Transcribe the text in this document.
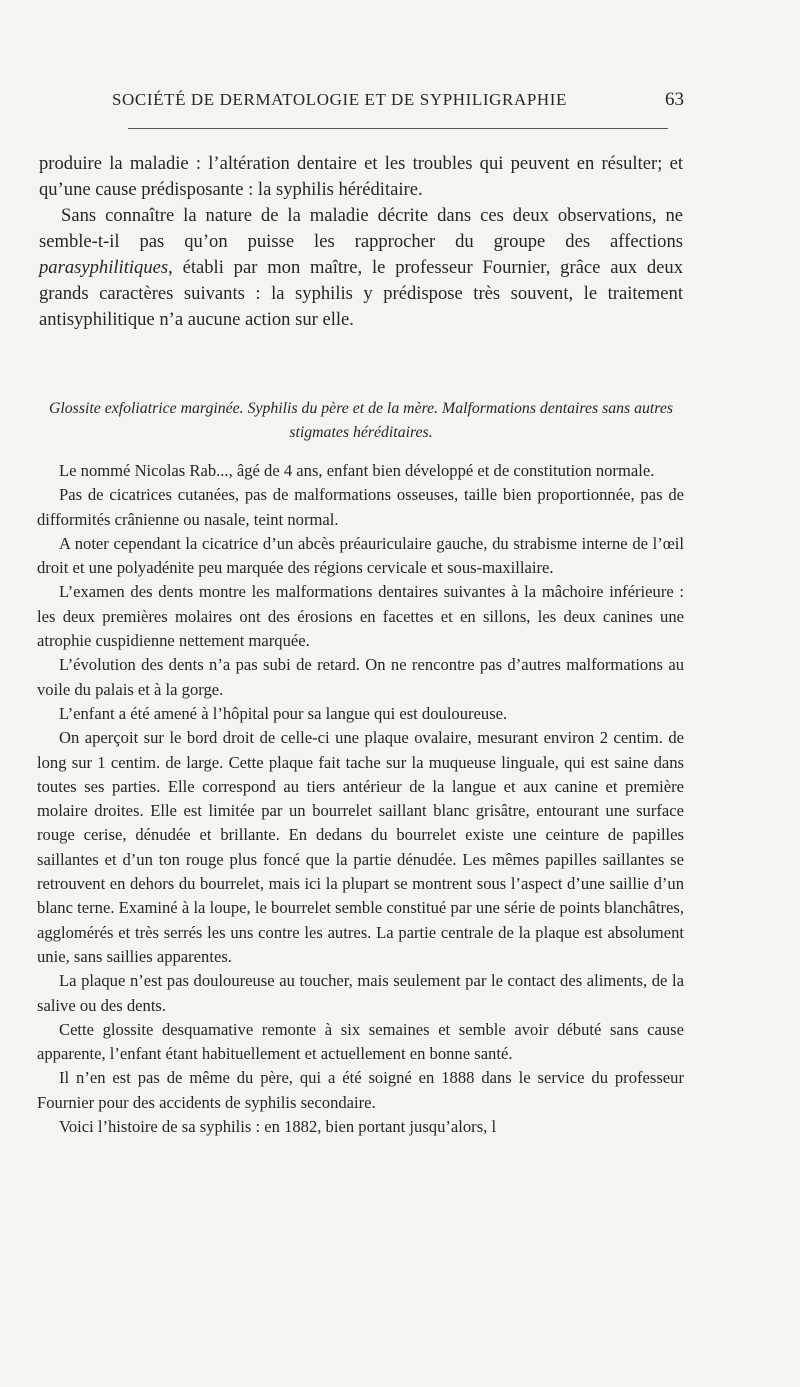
SOCIÉTÉ DE DERMATOLOGIE ET DE SYPHILIGRAPHIE	63

produire la maladie : l’altération dentaire et les troubles qui peuvent en résulter; et qu’une cause prédisposante : la syphilis héréditaire.

Sans connaître la nature de la maladie décrite dans ces deux observations, ne semble-t-il pas qu’on puisse les rapprocher du groupe des affections parasyphilitiques, établi par mon maître, le professeur Fournier, grâce aux deux grands caractères suivants : la syphilis y prédispose très souvent, le traitement antisyphilitique n’a aucune action sur elle.

Glossite exfoliatrice marginée. Syphilis du père et de la mère. Malformations dentaires sans autres stigmates héréditaires.

Le nommé Nicolas Rab..., âgé de 4 ans, enfant bien développé et de constitution normale.

Pas de cicatrices cutanées, pas de malformations osseuses, taille bien proportionnée, pas de difformités crânienne ou nasale, teint normal.

A noter cependant la cicatrice d’un abcès préauriculaire gauche, du strabisme interne de l’œil droit et une polyadénite peu marquée des régions cervicale et sous-maxillaire.

L’examen des dents montre les malformations dentaires suivantes à la mâchoire inférieure : les deux premières molaires ont des érosions en facettes et en sillons, les deux canines une atrophie cuspidienne nettement marquée.

L’évolution des dents n’a pas subi de retard. On ne rencontre pas d’autres malformations au voile du palais et à la gorge.

L’enfant a été amené à l’hôpital pour sa langue qui est douloureuse.

On aperçoit sur le bord droit de celle-ci une plaque ovalaire, mesurant environ 2 centim. de long sur 1 centim. de large. Cette plaque fait tache sur la muqueuse linguale, qui est saine dans toutes ses parties. Elle correspond au tiers antérieur de la langue et aux canine et première molaire droites. Elle est limitée par un bourrelet saillant blanc grisâtre, entourant une surface rouge cerise, dénudée et brillante. En dedans du bourrelet existe une ceinture de papilles saillantes et d’un ton rouge plus foncé que la partie dénudée. Les mêmes papilles saillantes se retrouvent en dehors du bourrelet, mais ici la plupart se montrent sous l’aspect d’une saillie d’un blanc terne. Examiné à la loupe, le bourrelet semble constitué par une série de points blanchâtres, agglomérés et très serrés les uns contre les autres. La partie centrale de la plaque est absolument unie, sans saillies apparentes.

La plaque n’est pas douloureuse au toucher, mais seulement par le contact des aliments, de la salive ou des dents.

Cette glossite desquamative remonte à six semaines et semble avoir débuté sans cause apparente, l’enfant étant habituellement et actuellement en bonne santé.

Il n’en est pas de même du père, qui a été soigné en 1888 dans le service du professeur Fournier pour des accidents de syphilis secondaire.

Voici l’histoire de sa syphilis : en 1882, bien portant jusqu’alors, l
